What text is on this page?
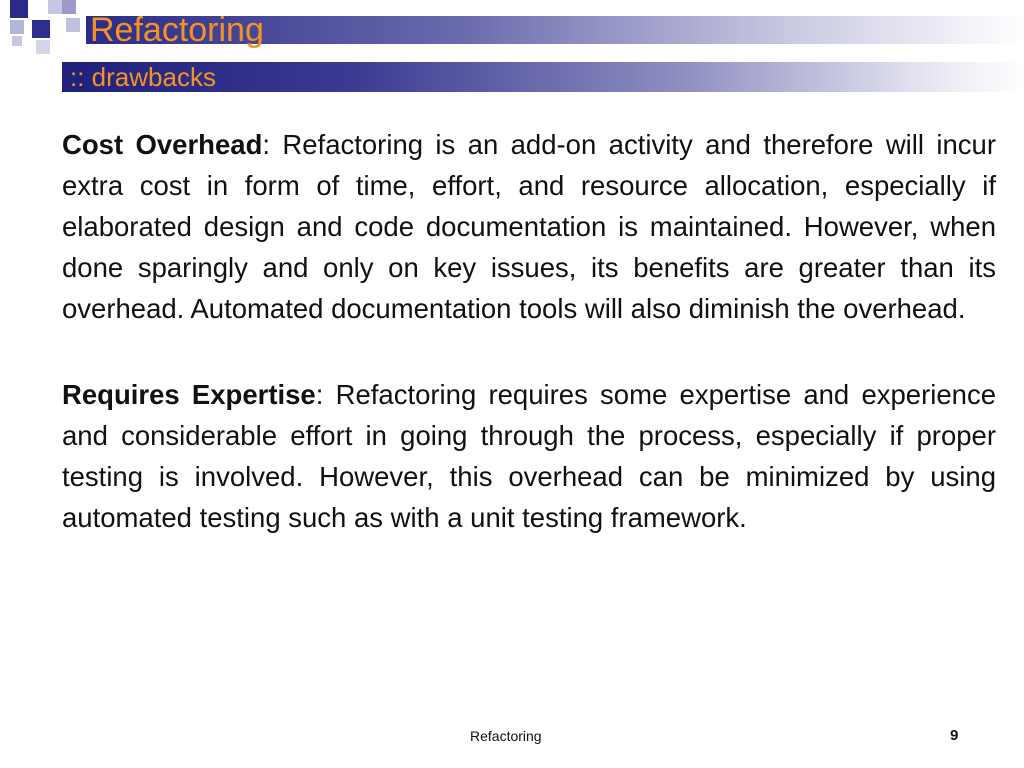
Refactoring
:: drawbacks

Cost Overhead: Refactoring is an add-on activity and therefore will incur extra cost in form of time, effort, and resource allocation, especially if elaborated design and code documentation is maintained. However, when done sparingly and only on key issues, its benefits are greater than its overhead. Automated documentation tools will also diminish the overhead.

Requires Expertise: Refactoring requires some expertise and experience and considerable effort in going through the process, especially if proper testing is involved. However, this overhead can be minimized by using automated testing such as with a unit testing framework.

Refactoring	9
